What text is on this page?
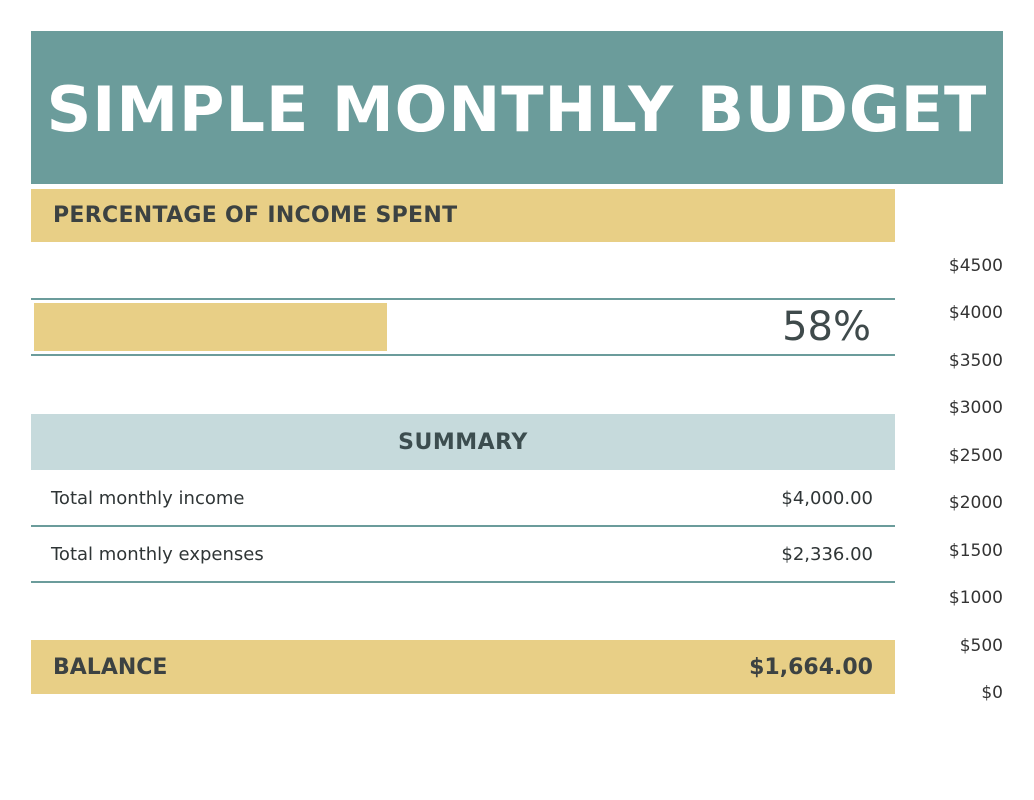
SIMPLE MONTHLY BUDGET
PERCENTAGE OF INCOME SPENT
58%
SUMMARY
Total monthly income	$4,000.00
Total monthly expenses	$2,336.00
BALANCE	$1,664.00
$4500
$4000
$3500
$3000
$2500
$2000
$1500
$1000
$500
$0
